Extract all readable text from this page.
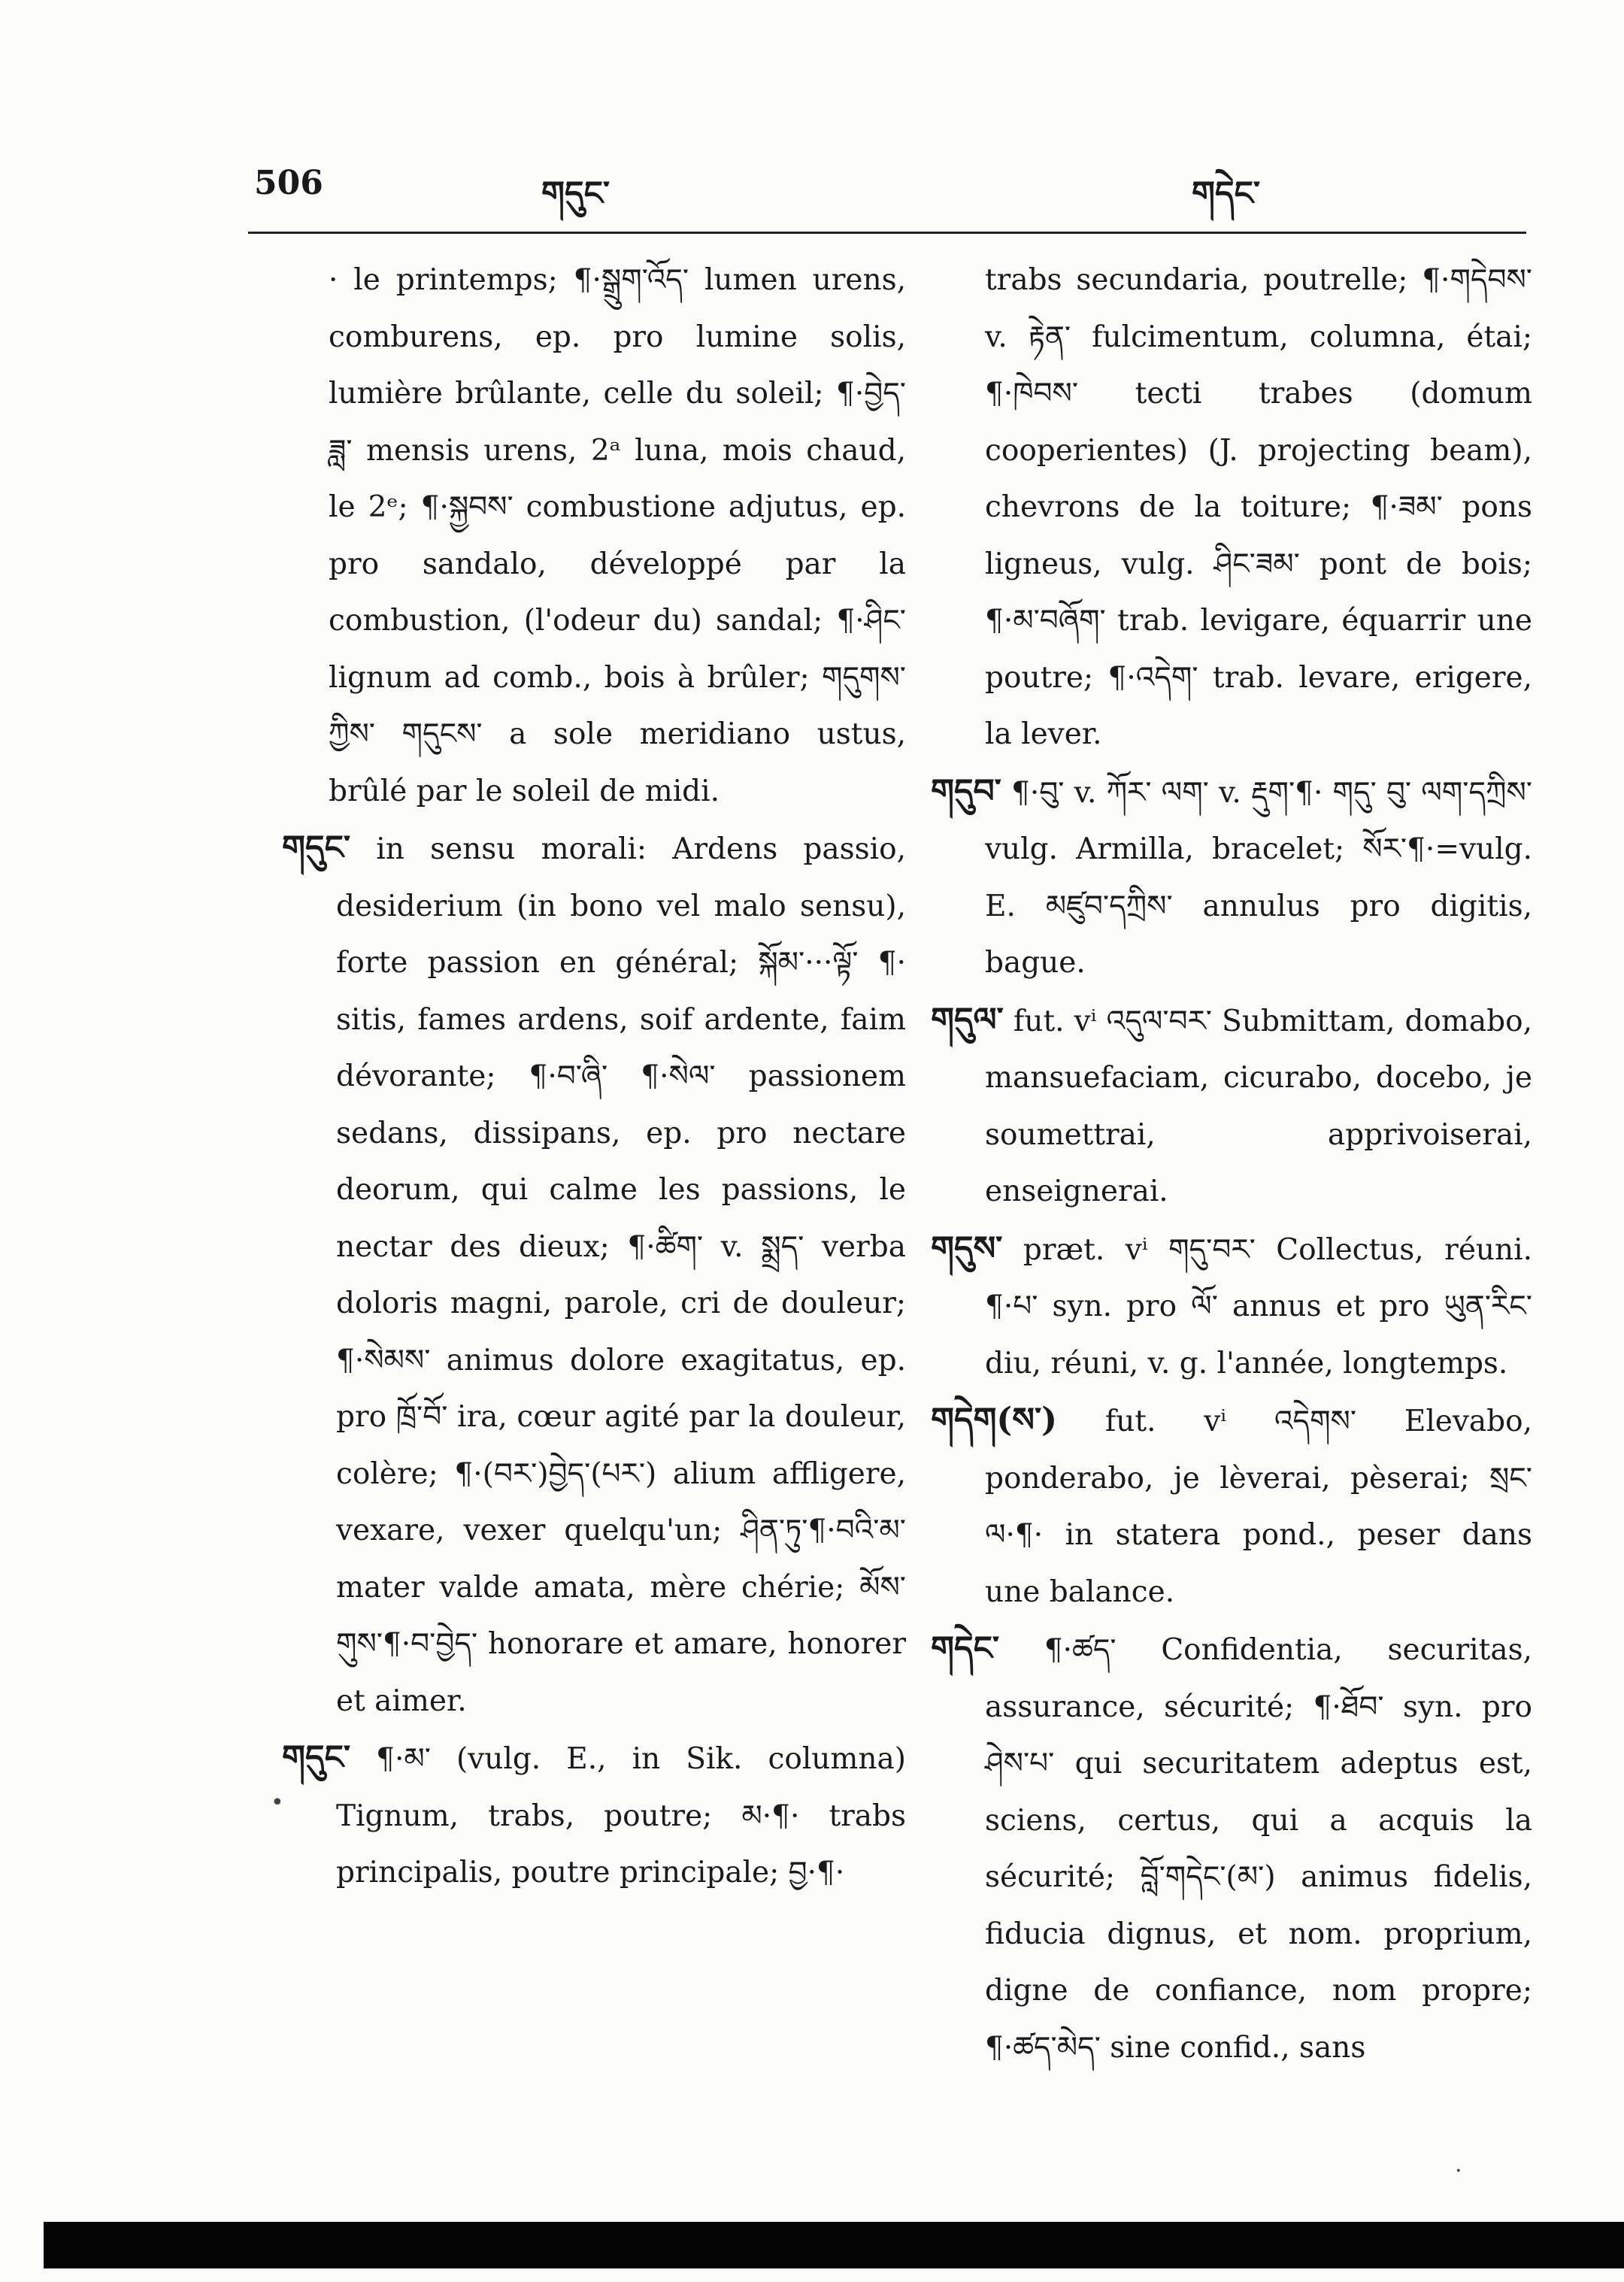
506	གདུང་	གདེང་

· le printemps; ¶·སྒྲུག་འོད་ lumen urens, comburens, ep. pro lumine solis, lumière brûlante, celle du soleil; ¶·བྱེད་ཟླ་ mensis urens, 2ᵃ luna, mois chaud, le 2ᵉ; ¶·སྐྱབས་ combustione adjutus, ep. pro sandalo, développé par la combustion, (l'odeur du) sandal; ¶·ཤིང་ lignum ad comb., bois à brûler; གདུགས་ཀྱིས་ གདུངས་ a sole meridiano ustus, brûlé par le soleil de midi.

གདུང་ in sensu morali: Ardens passio, desiderium (in bono vel malo sensu), forte passion en général; སྐོམ་···ལྟོ་ ¶· sitis, fames ardens, soif ardente, faim dévorante; ¶·བ་ཞི་ ¶·སེལ་ passionem sedans, dissipans, ep. pro nectare deorum, qui calme les passions, le nectar des dieux; ¶·ཚིག་ v. སྨྲད་ verba doloris magni, parole, cri de douleur; ¶·སེམས་ animus dolore exagitatus, ep. pro ཁྲོ་བོ་ ira, cœur agité par la douleur, colère; ¶·(བར་)བྱེད་(པར་) alium affligere, vexare, vexer quelqu'un; ཤིན་ཏུ་¶·བའི་མ་ mater valde amata, mère chérie; མོས་ གུས་¶·བ་བྱེད་ honorare et amare, honorer et aimer.

གདུང་ ¶·མ་ (vulg. E., in Sik. columna) Tignum, trabs, poutre; མ·¶· trabs principalis, poutre principale; བྱ·¶·

trabs secundaria, poutrelle; ¶·གདེབས་ v. རྟེན་ fulcimentum, columna, étai; ¶·ཁེབས་ tecti trabes (domum cooperientes) (J. projecting beam), chevrons de la toiture; ¶·ཟམ་ pons ligneus, vulg. ཤིང་ཟམ་ pont de bois; ¶·མ་བཞོག་ trab. levigare, équarrir une poutre; ¶·འདེག་ trab. levare, erigere, la lever.

གདུབ་ ¶·བུ་ v. ཀོར་ ལག་ v. རྡུག་¶· གདུ་ བུ་ ལག་དཀྲིས་ vulg. Armilla, bracelet; སོར་¶·=vulg. E. མཛུབ་དཀྲིས་ annulus pro digitis, bague.

གདུལ་ fut. vⁱ འདུལ་བར་ Submittam, domabo, mansuefaciam, cicurabo, docebo, je soumettrai, apprivoiserai, enseignerai.

གདུས་ præt. vⁱ གདུ་བར་ Collectus, réuni. ¶·པ་ syn. pro ལོ་ annus et pro ཡུན་རིང་ diu, réuni, v. g. l'année, longtemps.

གདེག(ས་) fut. vⁱ འདེགས་ Elevabo, ponderabo, je lèverai, pèserai; སྲང་ལ·¶· in statera pond., peser dans une balance.

གདེང་ ¶·ཚད་ Confidentia, securitas, assurance, sécurité; ¶·ཐོབ་ syn. pro ཤེས་པ་ qui securitatem adeptus est, sciens, certus, qui a acquis la sécurité; བློ་གདེང་(མ་) animus fidelis, fiducia dignus, et nom. proprium, digne de confiance, nom propre; ¶·ཚད་མེད་ sine confid., sans

•
·
